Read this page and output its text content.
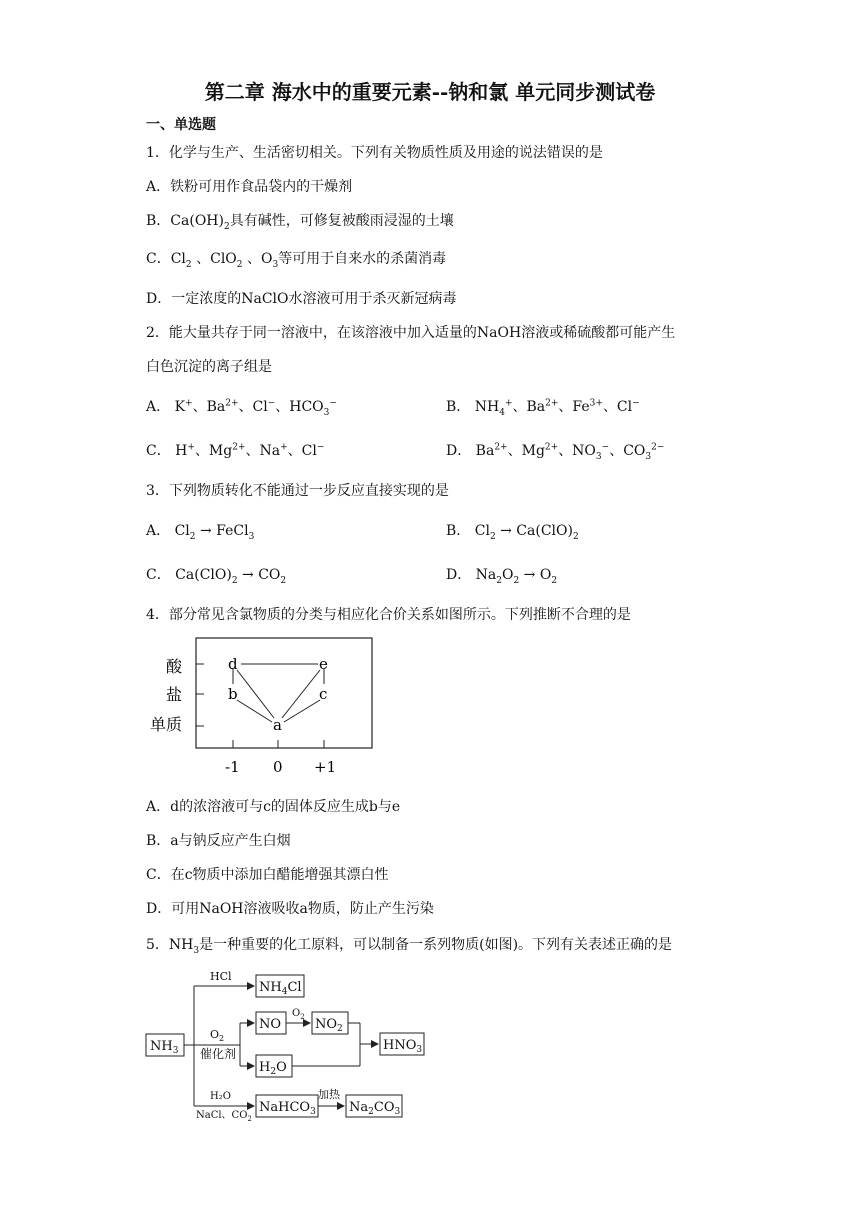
第二章 海水中的重要元素--钠和氯 单元同步测试卷
一、单选题
1．化学与生产、生活密切相关。下列有关物质性质及用途的说法错误的是
A．铁粉可用作食品袋内的干燥剂
B．$Ca(OH)_2$具有碱性，可修复被酸雨浸湿的土壤
C．$Cl_2$ 、ClO$_2$ 、$O_3$等可用于自来水的杀菌消毒
D．一定浓度的NaClO水溶液可用于杀灭新冠病毒
2．能大量共存于同一溶液中，在该溶液中加入适量的NaOH溶液或稀硫酸都可能产生
白色沉淀的离子组是
A． K+、$Ba^{2+}$、Cl−、$HCO_3^-$	B． $NH_4^+$、$Ba^{2+}$、$Fe^{3+}$、Cl−
C． H+、$Mg^{2+}$、Na+、Cl−	D． $Ba^{2+}$、$Mg^{2+}$、$NO_3^-$、$CO_3^{2-}$
3．下列物质转化不能通过一步反应直接实现的是
A． $Cl_2$ → FeCl$_3$	B． $Cl_2 \to Ca(ClO)_2$
C． $Ca(ClO)_2 \to CO_2$	D． $Na_2O_2 \to O_2$
4．部分常见含氯物质的分类与相应化合价关系如图所示。下列推断不合理的是
酸
盐
单质
-1 0 +1
d	e
b	c
a
A．d的浓溶液可与c的固体反应生成b与e
B．a与钠反应产生白烟
C．在c物质中添加白醋能增强其漂白性
D．可用NaOH溶液吸收a物质，防止产生污染
5．$NH_3$是一种重要的化工原料，可以制备一系列物质(如图)。下列有关表述正确的是
$NH_3$
HCl
$NH_4Cl$
$O_2$
催化剂
NO
$O_2$ $NO_2$
$H_2O$
$HNO_3$
H₂O
NaCl、$CO_2$
NaHCO$_3$
加热
$Na_2CO_3$
